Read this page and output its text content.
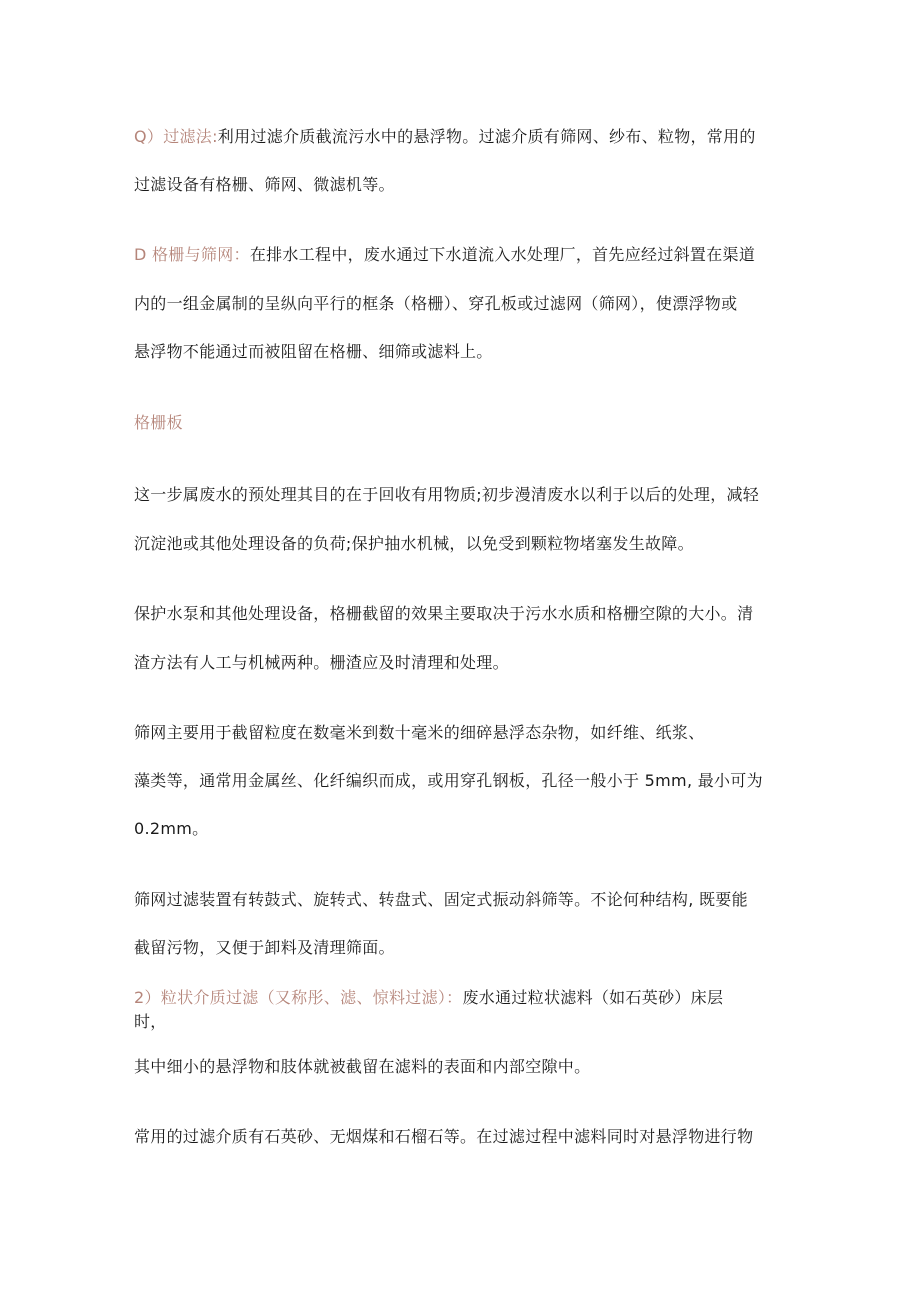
Q）过滤法:利用过滤介质截流污水中的悬浮物。过滤介质有筛网、纱布、粒物，常用的
过滤设备有格栅、筛网、微滤机等。
D 格栅与筛网：在排水工程中，废水通过下水道流入水处理厂，首先应经过斜置在渠道
内的一组金属制的呈纵向平行的框条（格栅）、穿孔板或过滤网（筛网），使漂浮物或
悬浮物不能通过而被阻留在格栅、细筛或滤料上。
格栅板
这一步属废水的预处理其目的在于回收有用物质;初步漫清废水以利于以后的处理，减轻
沉淀池或其他处理设备的负荷;保护抽水机械，以免受到颗粒物堵塞发生故障。
保护水泵和其他处理设备，格栅截留的效果主要取决于污水水质和格栅空隙的大小。清
渣方法有人工与机械两种。栅渣应及时清理和处理。
筛网主要用于截留粒度在数毫米到数十毫米的细碎悬浮态杂物，如纤维、纸浆、
藻类等，通常用金属丝、化纤编织而成，或用穿孔钢板，孔径一般小于 5mm, 最小可为
0.2mm。
筛网过滤装置有转鼓式、旋转式、转盘式、固定式振动斜筛等。不论何种结构, 既要能
截留污物，又便于卸料及清理筛面。
2）粒状介质过滤（又称彤、滤、惊料过滤）：废水通过粒状滤料（如石英砂）床层
时，
其中细小的悬浮物和肢体就被截留在滤料的表面和内部空隙中。
常用的过滤介质有石英砂、无烟煤和石榴石等。在过滤过程中滤料同时对悬浮物进行物
